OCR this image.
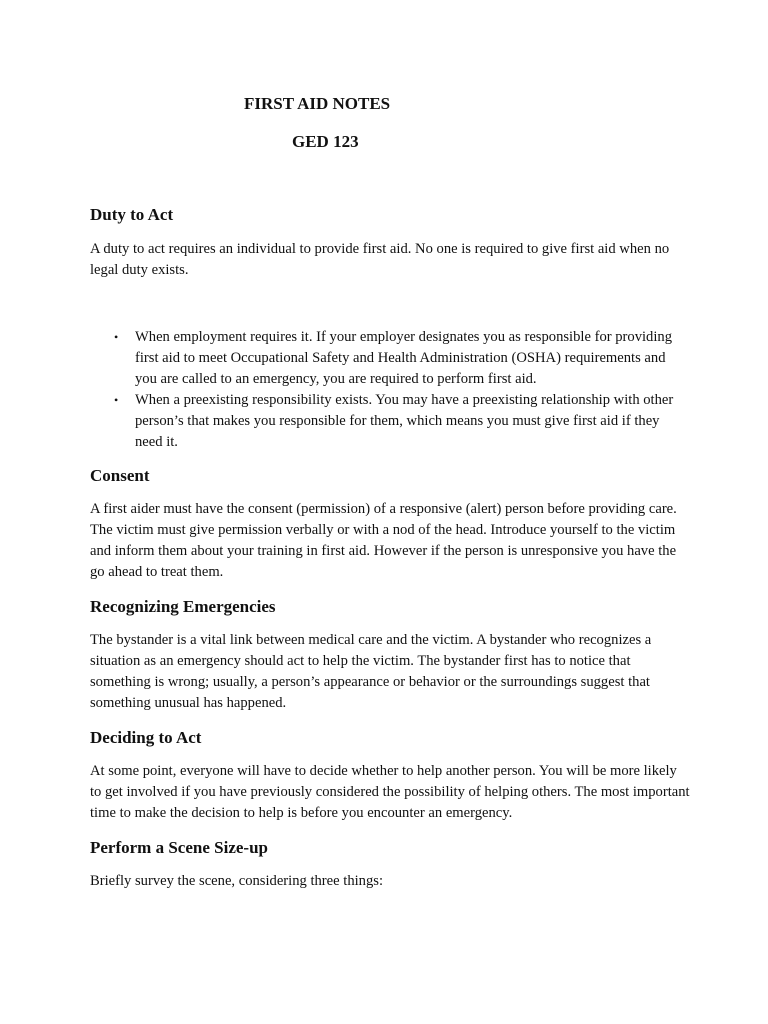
FIRST AID NOTES
GED 123
Duty to Act

A duty to act requires an individual to provide first aid. No one is required to give first aid when no legal duty exists.

• When employment requires it. If your employer designates you as responsible for providing first aid to meet Occupational Safety and Health Administration (OSHA) requirements and you are called to an emergency, you are required to perform first aid.
• When a preexisting responsibility exists. You may have a preexisting relationship with other person’s that makes you responsible for them, which means you must give first aid if they need it.
Consent

A first aider must have the consent (permission) of a responsive (alert) person before providing care. The victim must give permission verbally or with a nod of the head. Introduce yourself to the victim and inform them about your training in first aid. However if the person is unresponsive you have the go ahead to treat them.

Recognizing Emergencies

The bystander is a vital link between medical care and the victim. A bystander who recognizes a situation as an emergency should act to help the victim. The bystander first has to notice that something is wrong; usually, a person’s appearance or behavior or the surroundings suggest that something unusual has happened.

Deciding to Act

At some point, everyone will have to decide whether to help another person. You will be more likely to get involved if you have previously considered the possibility of helping others. The most important time to make the decision to help is before you encounter an emergency.

Perform a Scene Size-up

Briefly survey the scene, considering three things:
